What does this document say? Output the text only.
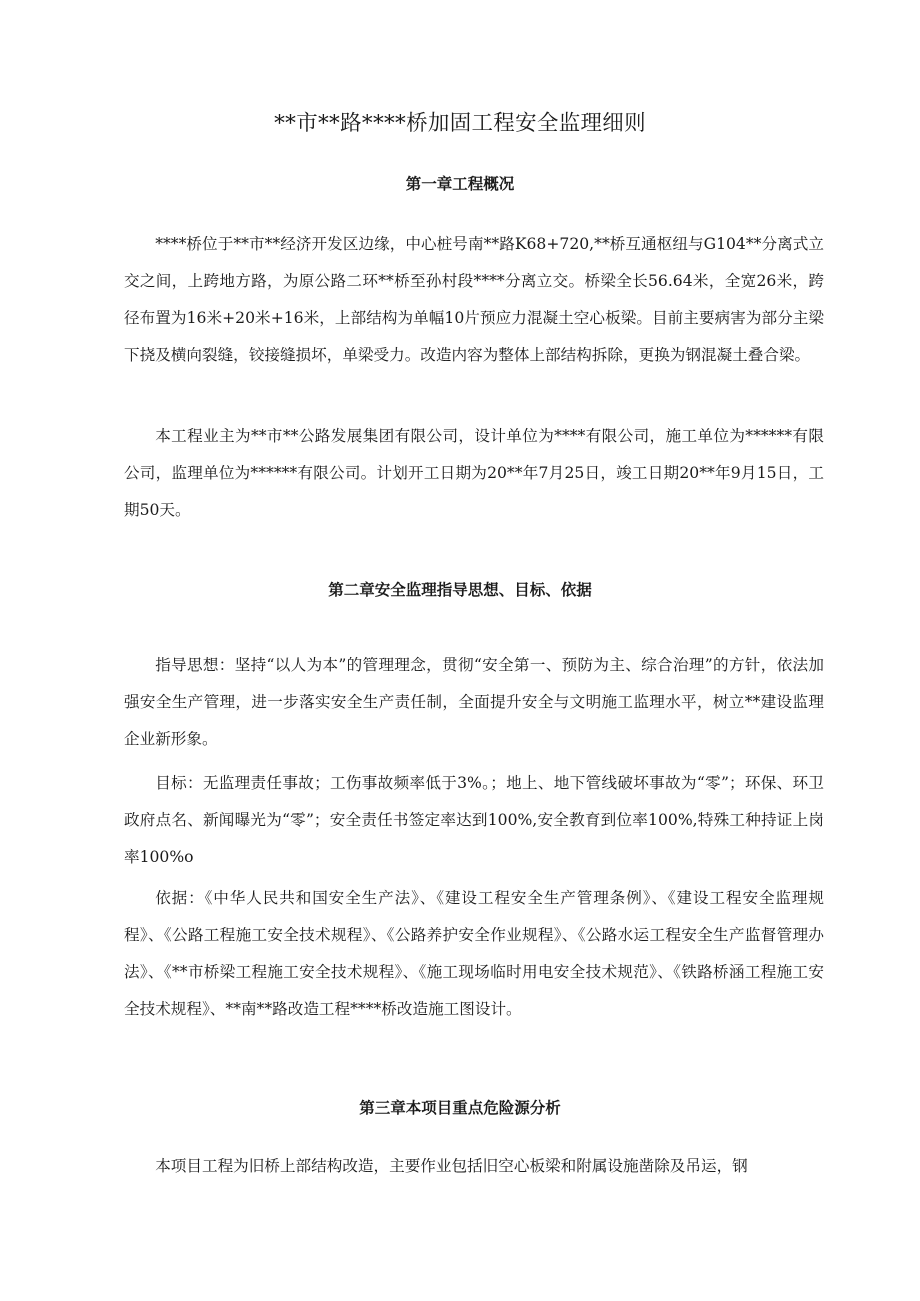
**市**路****桥加固工程安全监理细则
第一章工程概况

****桥位于**市**经济开发区边缘，中心桩号南**路K68+720,**桥互通枢纽与G104**分离式立交之间，上跨地方路，为原公路二环**桥至孙村段****分离立交。桥梁全长56.64米，全宽26米，跨径布置为16米+20米+16米，上部结构为单幅10片预应力混凝土空心板梁。目前主要病害为部分主梁下挠及横向裂缝，铰接缝损坏，单梁受力。改造内容为整体上部结构拆除，更换为钢混凝土叠合梁。

本工程业主为**市**公路发展集团有限公司，设计单位为****有限公司，施工单位为******有限公司，监理单位为******有限公司。计划开工日期为20**年7月25日，竣工日期20**年9月15日，工期50天。

第二章安全监理指导思想、目标、依据

指导思想：坚持“以人为本”的管理理念，贯彻“安全第一、预防为主、综合治理”的方针，依法加强安全生产管理，进一步落实安全生产责任制，全面提升安全与文明施工监理水平，树立**建设监理企业新形象。

目标：无监理责任事故；工伤事故频率低于3%。；地上、地下管线破坏事故为“零”；环保、环卫政府点名、新闻曝光为“零”；安全责任书签定率达到100%,安全教育到位率100%,特殊工种持证上岗率100%o

依据：《中华人民共和国安全生产法》、《建设工程安全生产管理条例》、《建设工程安全监理规程》、《公路工程施工安全技术规程》、《公路养护安全作业规程》、《公路水运工程安全生产监督管理办法》、《**市桥梁工程施工安全技术规程》、《施工现场临时用电安全技术规范》、《铁路桥涵工程施工安全技术规程》、**南**路改造工程****桥改造施工图设计。

第三章本项目重点危险源分析

本项目工程为旧桥上部结构改造，主要作业包括旧空心板梁和附属设施凿除及吊运，钢
